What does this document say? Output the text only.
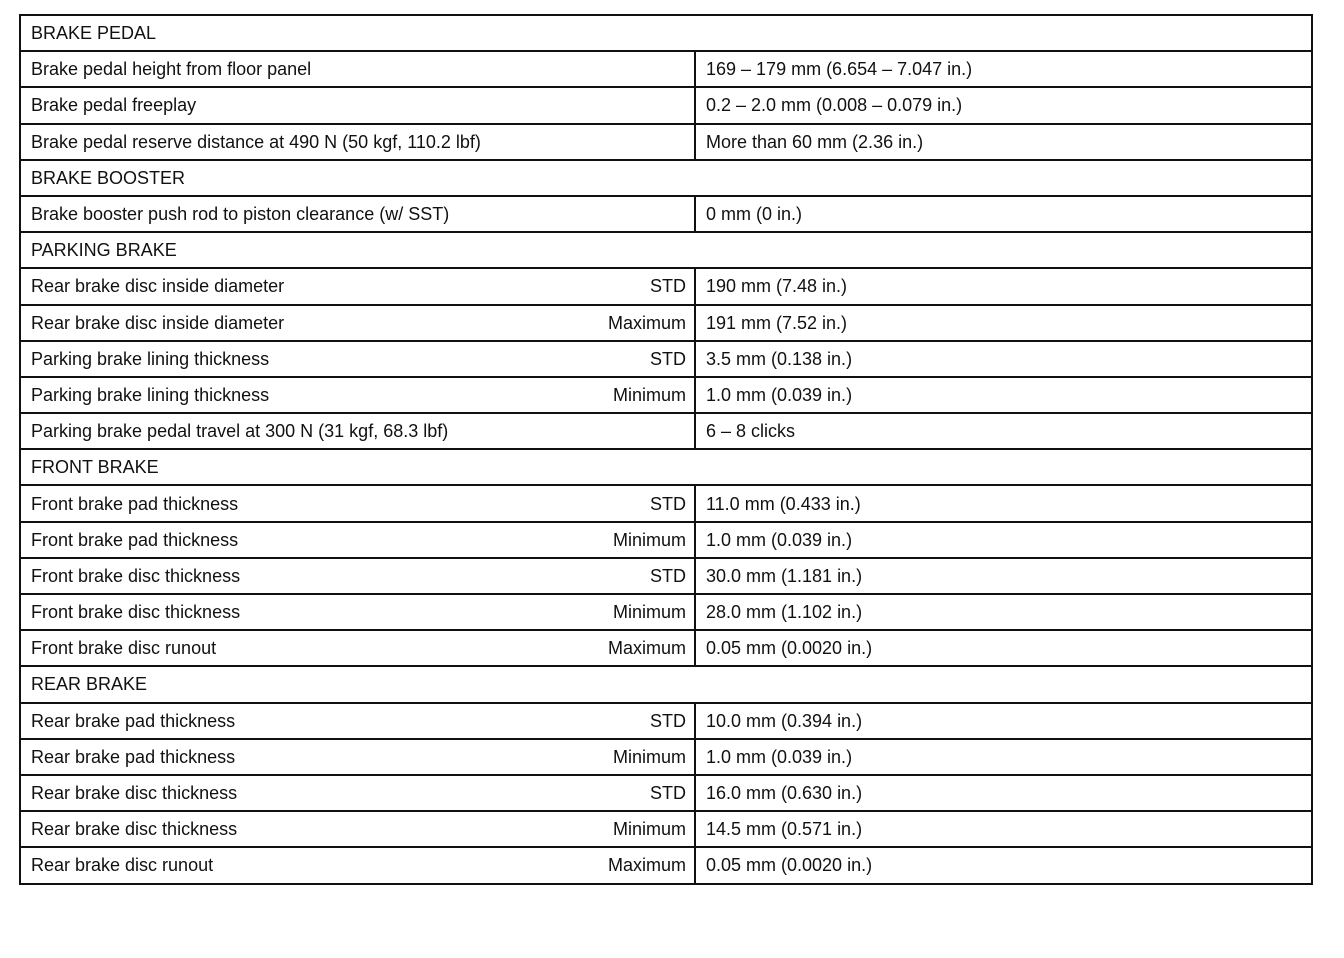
BRAKE PEDAL	

Brake pedal height from floor panel	169 – 179 mm (6.654 – 7.047 in.)

Brake pedal freeplay	0.2 – 2.0 mm (0.008 – 0.079 in.)

Brake pedal reserve distance at 490 N (50 kgf, 110.2 lbf)	More than 60 mm (2.36 in.)
BRAKE BOOSTER	

Brake booster push rod to piston clearance (w/ SST)	0 mm (0 in.)
PARKING BRAKE	

Rear brake disc inside diameter STD	190 mm (7.48 in.)

Rear brake disc inside diameter Maximum	191 mm (7.52 in.)

Parking brake lining thickness STD	3.5 mm (0.138 in.)

Parking brake lining thickness Minimum	1.0 mm (0.039 in.)

Parking brake pedal travel at 300 N (31 kgf, 68.3 lbf)	6 – 8 clicks
FRONT BRAKE	

Front brake pad thickness STD	11.0 mm (0.433 in.)

Front brake pad thickness Minimum	1.0 mm (0.039 in.)

Front brake disc thickness STD	30.0 mm (1.181 in.)

Front brake disc thickness Minimum	28.0 mm (1.102 in.)

Front brake disc runout Maximum	0.05 mm (0.0020 in.)
REAR BRAKE	

Rear brake pad thickness STD	10.0 mm (0.394 in.)

Rear brake pad thickness Minimum	1.0 mm (0.039 in.)

Rear brake disc thickness STD	16.0 mm (0.630 in.)

Rear brake disc thickness Minimum	14.5 mm (0.571 in.)

Rear brake disc runout Maximum	0.05 mm (0.0020 in.)
